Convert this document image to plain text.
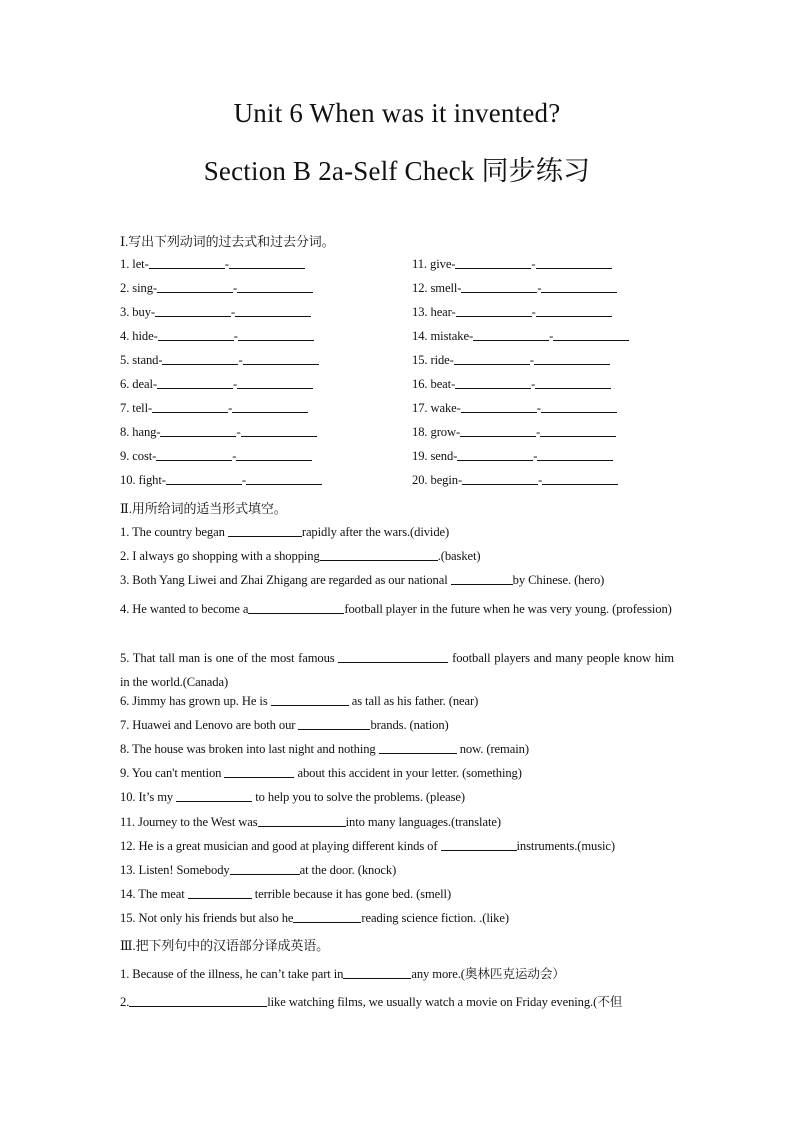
Unit 6 When was it invented?
Section B 2a-Self Check 同步练习
Ⅰ.写出下列动词的过去式和过去分词。
1. let-	-
2. sing-	-
3. buy-	-
4. hide-	-
5. stand-	-
6. deal-	-
7. tell-	-
8. hang-	-
9. cost-	-
10. fight-	-
11. give-	-
12. smell-	-
13. hear-	-
14. mistake-	-
15. ride-	-
16. beat-	-
17. wake-	-
18. grow-	-
19. send-	-
20. begin-	-
Ⅱ.用所给词的适当形式填空。
1. The country began	rapidly after the wars.(divide)
2. I always go shopping with a shopping	.(basket)
3. Both Yang Liwei and Zhai Zhigang are regarded as our national	by Chinese. (hero)
4. He wanted to become a	football player in the future when he was very young. (profession)
5. That tall man is one of the most famous	football players and many people know him in the world.(Canada)
6. Jimmy has grown up. He is	as tall as his father. (near)
7. Huawei and Lenovo are both our	brands. (nation)
8. The house was broken into last night and nothing	now. (remain)
9. You can't mention	about this accident in your letter. (something)
10. It’s my	to help you to solve the problems. (please)
11. Journey to the West was	into many languages.(translate)
12. He is a great musician and good at playing different kinds of	instruments.(music)
13. Listen! Somebody	at the door. (knock)
14. The meat	terrible because it has gone bed. (smell)
15. Not only his friends but also he	reading science fiction. .(like)
Ⅲ.把下列句中的汉语部分译成英语。
1. Because of the illness, he can’t take part in	any more.(奥林匹克运动会）
2.	like watching films, we usually watch a movie on Friday evening.(不但
